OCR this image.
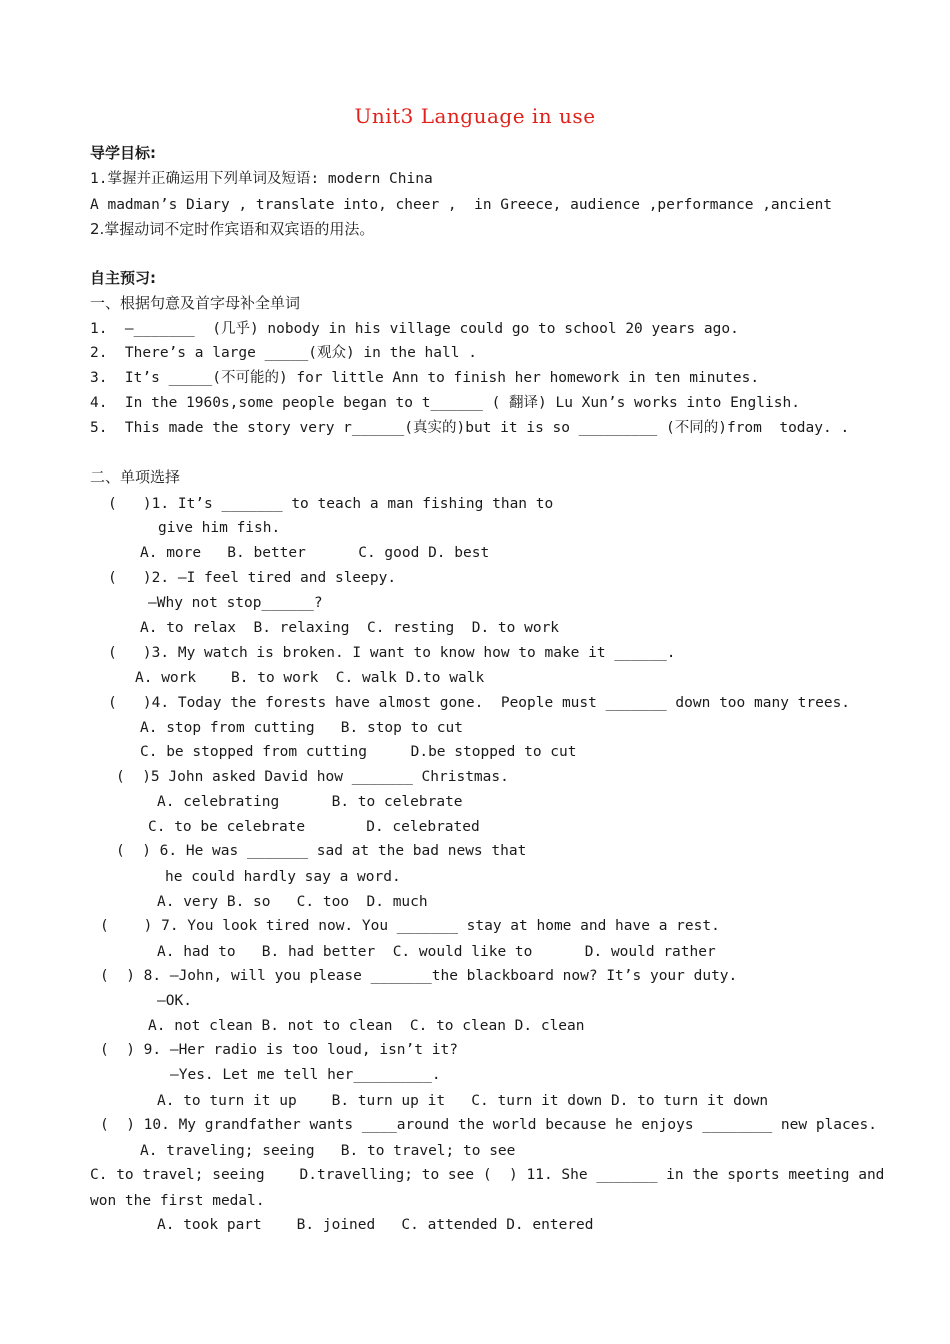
Unit3 Language in use
导学目标:
1.掌握并正确运用下列单词及短语: modern China
A madman’s Diary , translate into, cheer ,  in Greece, audience ,performance ,ancient
2.掌握动词不定时作宾语和双宾语的用法。
自主预习:
一、根据句意及首字母补全单词
1.  –_______  (几乎) nobody in his village could go to school 20 years ago.
2.  There’s a large _____(观众) in the hall .
3.  It’s _____(不可能的) for little Ann to finish her homework in ten minutes.
4.  In the 1960s,some people began to t______ ( 翻译) Lu Xun’s works into English.
5.  This made the story very r______(真实的)but it is so _________ (不同的)from  today. .
二、单项选择
(   )1. It’s _______ to teach a man fishing than to
give him fish.
A. more   B. better      C. good D. best
(   )2. —I feel tired and sleepy.
—Why not stop______?
A. to relax  B. relaxing  C. resting  D. to work
(   )3. My watch is broken. I want to know how to make it ______.
A. work    B. to work  C. walk D.to walk
(   )4. Today the forests have almost gone.  People must _______ down too many trees.
A. stop from cutting   B. stop to cut
C. be stopped from cutting     D.be stopped to cut
(  )5 John asked David how _______ Christmas.
A. celebrating      B. to celebrate
C. to be celebrate       D. celebrated
(  ) 6. He was _______ sad at the bad news that
he could hardly say a word.
A. very B. so   C. too  D. much
(    ) 7. You look tired now. You _______ stay at home and have a rest.
A. had to   B. had better  C. would like to      D. would rather
(  ) 8. —John, will you please _______the blackboard now? It’s your duty.
—OK.
A. not clean B. not to clean  C. to clean D. clean
(  ) 9. —Her radio is too loud, isn’t it?
—Yes. Let me tell her_________.
A. to turn it up    B. turn up it   C. turn it down D. to turn it down
(  ) 10. My grandfather wants ____around the world because he enjoys ________ new places.
A. traveling; seeing   B. to travel; to see
C. to travel; seeing    D.travelling; to see (  ) 11. She _______ in the sports meeting and
won the first medal.
A. took part    B. joined   C. attended D. entered
